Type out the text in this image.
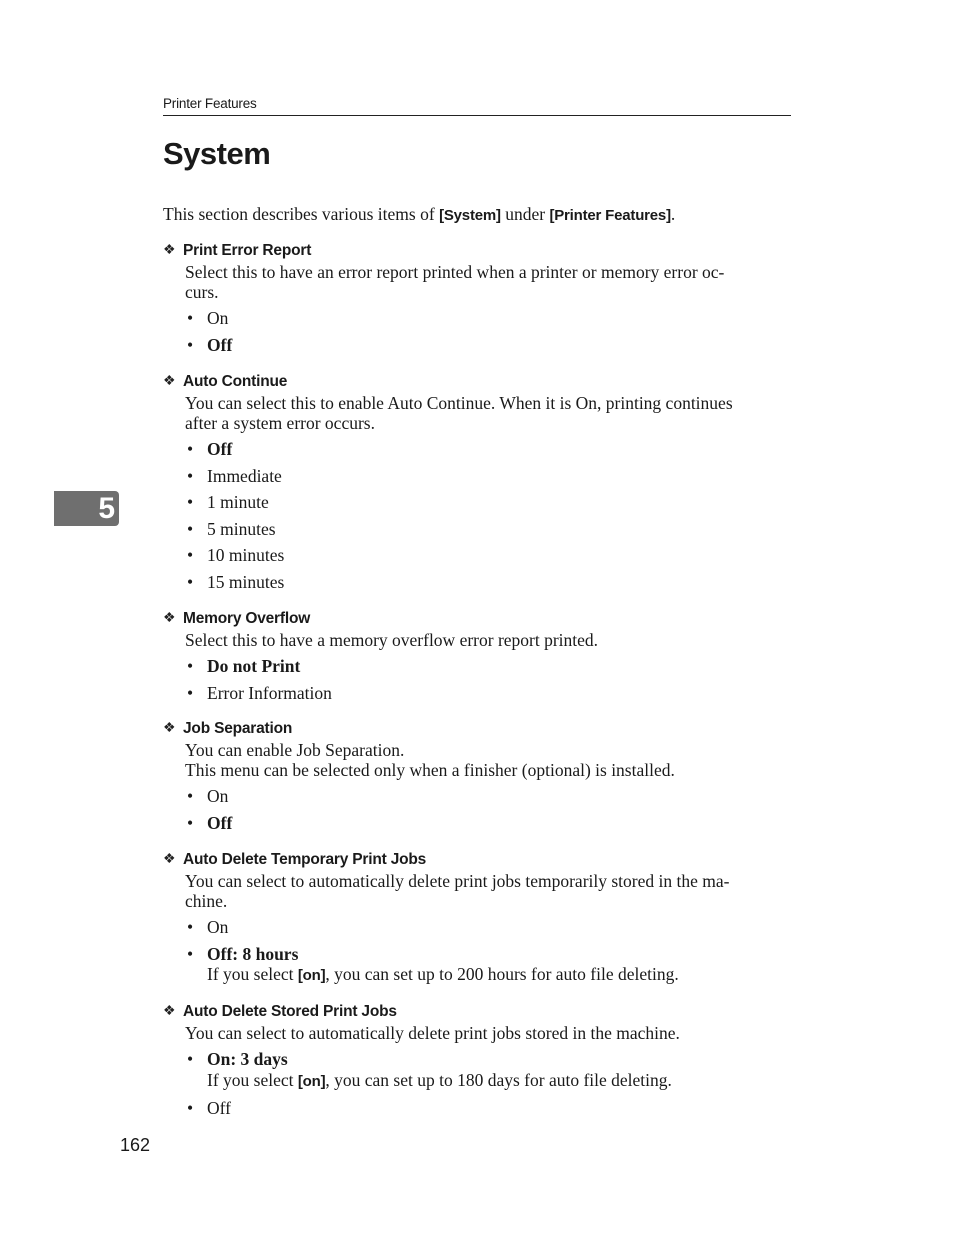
Printer Features
System
This section describes various items of [System] under [Printer Features].
❖ Print Error Report
Select this to have an error report printed when a printer or memory error oc-
curs.
• On
• Off
❖ Auto Continue
You can select this to enable Auto Continue. When it is On, printing continues
after a system error occurs.
• Off
• Immediate
• 1 minute
• 5 minutes
• 10 minutes
• 15 minutes
❖ Memory Overflow
Select this to have a memory overflow error report printed.
• Do not Print
• Error Information
❖ Job Separation
You can enable Job Separation.
This menu can be selected only when a finisher (optional) is installed.
• On
• Off
❖ Auto Delete Temporary Print Jobs
You can select to automatically delete print jobs temporarily stored in the ma-
chine.
• On
• Off: 8 hours
If you select [on], you can set up to 200 hours for auto file deleting.
❖ Auto Delete Stored Print Jobs
You can select to automatically delete print jobs stored in the machine.
• On: 3 days
If you select [on], you can set up to 180 days for auto file deleting.
• Off
5
162
